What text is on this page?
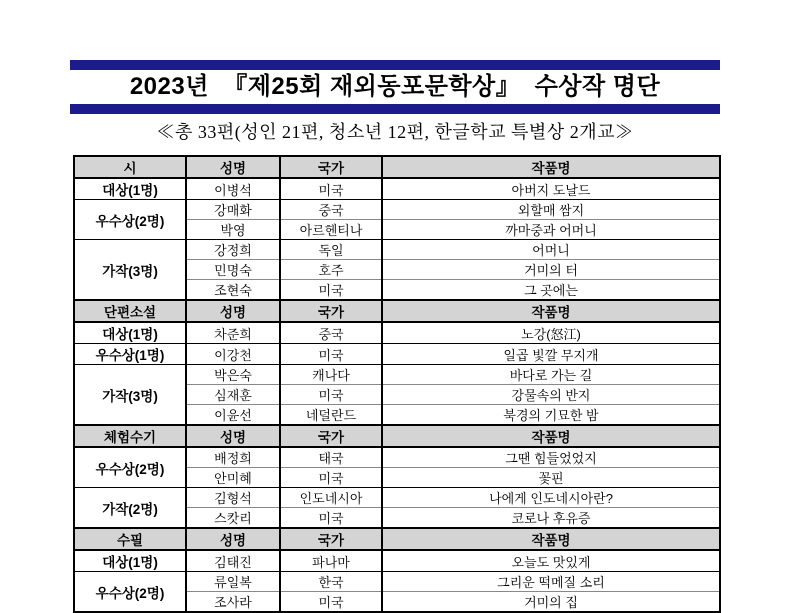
2023년  『제25회 재외동포문학상』  수상작 명단
≪총 33편(성인 21편, 청소년 12편, 한글학교 특별상 2개교≫
시	성명	국가	작품명
대상(1명)	이병석	미국	아버지 도날드
우수상(2명)	강매화	중국	외할매 쌈지
	박영	아르헨티나	까마중과 어머니
가작(3명)	강정희	독일	어머니
	민명숙	호주	거미의 터
	조현숙	미국	그 곳에는
단편소설	성명	국가	작품명
대상(1명)	차준희	중국	노강(怒江)
우수상(1명)	이강천	미국	일곱 빛깔 무지개
가작(3명)	박은숙	캐나다	바다로 가는 길
	심재훈	미국	강물속의 반지
	이윤선	네덜란드	북경의 기묘한 밤
체험수기	성명	국가	작품명
우수상(2명)	배정희	태국	그땐 힘들었었지
	안미혜	미국	꽃핀
가작(2명)	김형석	인도네시아	나에게 인도네시아란?
	스캇리	미국	코로나 후유증
수필	성명	국가	작품명
대상(1명)	김태진	파나마	오늘도 맛있게
우수상(2명)	류일복	한국	그리운 떡메질 소리
	조사라	미국	거미의 집
